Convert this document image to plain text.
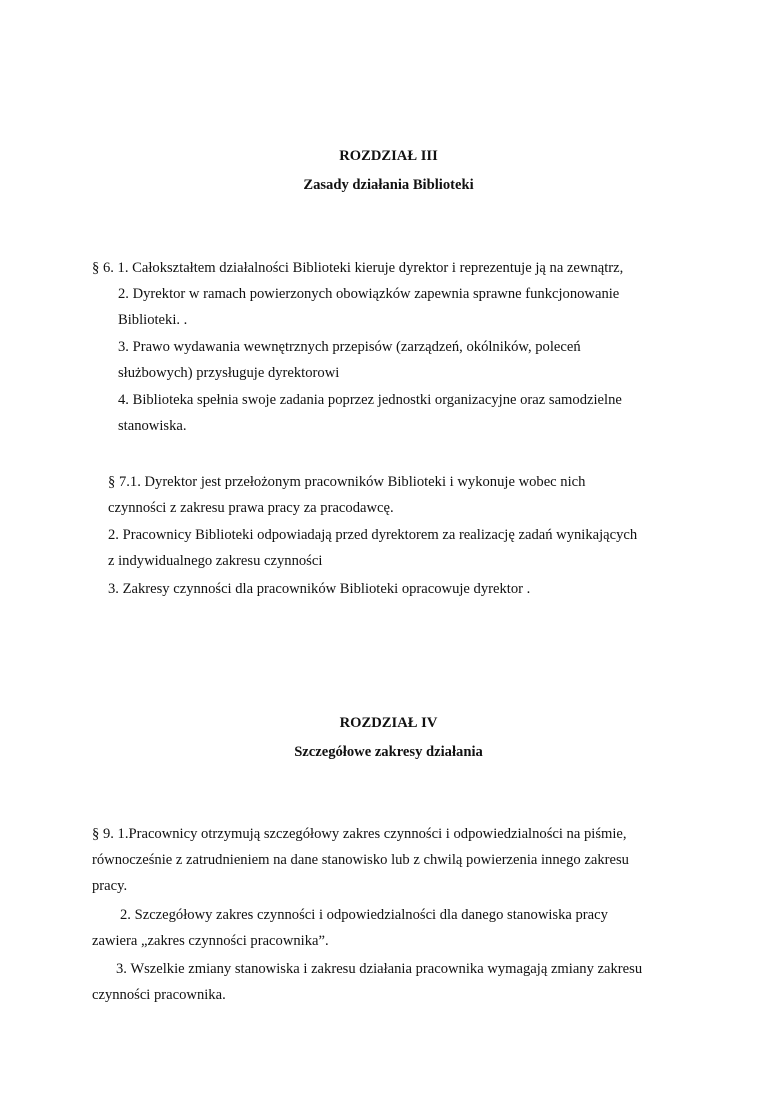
ROZDZIAŁ III
Zasady działania Biblioteki
§ 6. 1. Całokształtem działalności Biblioteki kieruje dyrektor i reprezentuje ją na zewnątrz,
2. Dyrektor w ramach powierzonych obowiązków zapewnia sprawne funkcjonowanie
Biblioteki. .
3. Prawo wydawania wewnętrznych przepisów (zarządzeń, okólników, poleceń
służbowych) przysługuje dyrektorowi
4. Biblioteka spełnia swoje zadania poprzez jednostki organizacyjne oraz samodzielne
stanowiska.
§ 7.1. Dyrektor jest przełożonym pracowników Biblioteki i wykonuje wobec nich
czynności z zakresu prawa pracy za pracodawcę.
2. Pracownicy Biblioteki odpowiadają przed dyrektorem za realizację zadań wynikających
z indywidualnego zakresu czynności
3. Zakresy czynności dla pracowników Biblioteki opracowuje dyrektor .
ROZDZIAŁ IV
Szczegółowe zakresy działania
§ 9. 1.Pracownicy otrzymują szczegółowy zakres czynności i odpowiedzialności na piśmie,
równocześnie z zatrudnieniem na dane stanowisko lub z chwilą powierzenia innego zakresu
pracy.
2. Szczegółowy zakres czynności i odpowiedzialności dla danego stanowiska pracy
zawiera „zakres czynności pracownika”.
3. Wszelkie zmiany stanowiska i zakresu działania pracownika wymagają zmiany zakresu
czynności pracownika.
